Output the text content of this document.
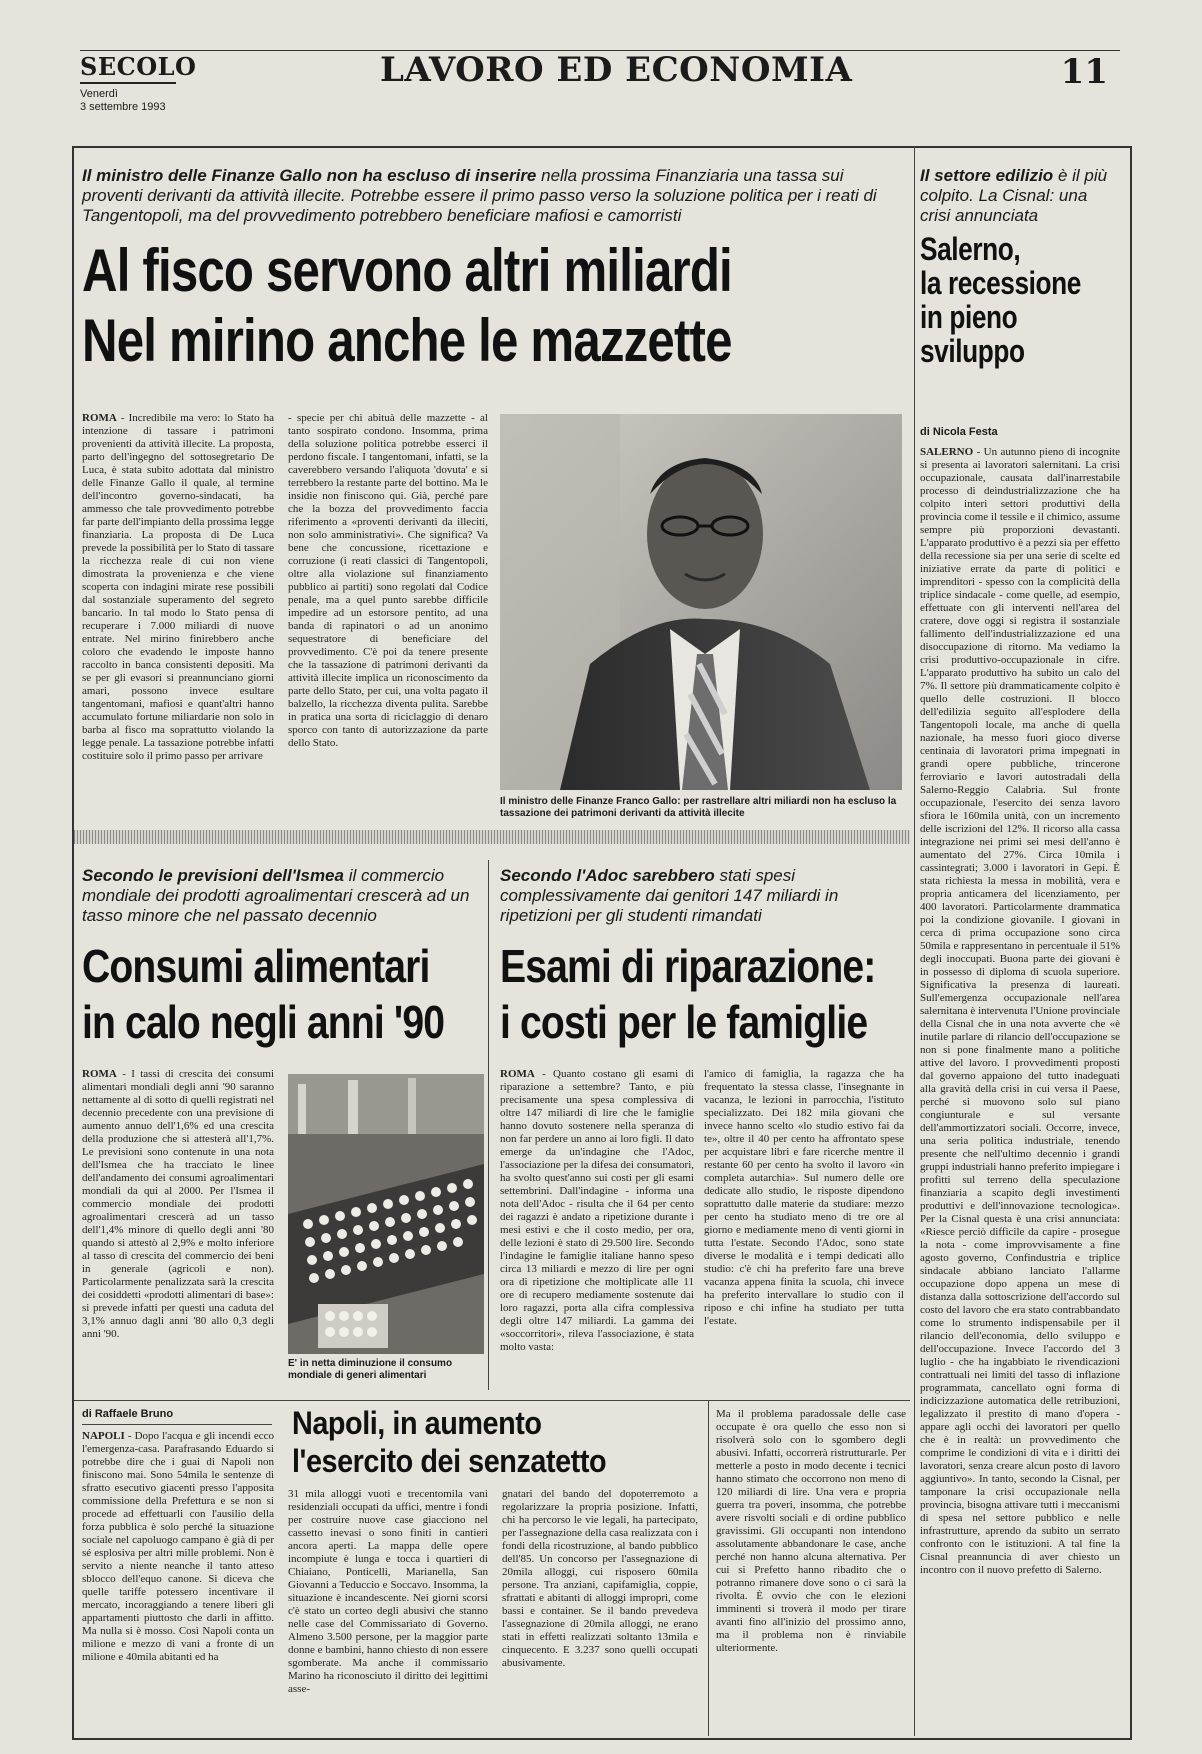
SECOLO
Venerdì
3 settembre 1993
LAVORO ED ECONOMIA	11
Il ministro delle Finanze Gallo non ha escluso di inserire nella prossima Finanziaria una tassa sui proventi derivanti da attività illecite. Potrebbe essere il primo passo verso la soluzione politica per i reati di Tangentopoli, ma del provvedimento potrebbero beneficiare mafiosi e camorristi
Al fisco servono altri miliardi
Nel mirino anche le mazzette
ROMA - Incredibile ma vero: lo Stato ha intenzione di tassare i patrimoni provenienti da attività illecite. La proposta, parto dell'ingegno del sottosegretario De Luca, è stata subito adottata dal ministro delle Finanze Gallo il quale, al termine dell'incontro governo-sindacati, ha ammesso che tale provvedimento potrebbe far parte dell'impianto della prossima legge finanziaria. La proposta di De Luca prevede la possibilità per lo Stato di tassare la ricchezza reale di cui non viene dimostrata la provenienza e che viene scoperta con indagini mirate rese possibili dal sostanziale superamento del segreto bancario. In tal modo lo Stato pensa di recuperare i 7.000 miliardi di nuove entrate. Nel mirino finirebbero anche coloro che evadendo le imposte hanno raccolto in banca consistenti depositi. Ma se per gli evasori si preannunciano giorni amari, possono invece esultare tangentomani, mafiosi e quant'altri hanno accumulato fortune miliardarie non solo in barba al fisco ma soprattutto violando la legge penale. La tassazione potrebbe infatti costituire solo il primo passo per arrivare
- specie per chi abituà delle mazzette - al tanto sospirato condono. Insomma, prima della soluzione politica potrebbe esserci il perdono fiscale. I tangentomani, infatti, se la caverebbero versando l'aliquota 'dovuta' e si terrebbero la restante parte del bottino. Ma le insidie non finiscono qui. Già, perché pare che la bozza del provvedimento faccia riferimento a «proventi derivanti da illeciti, non solo amministrativi». Che significa? Va bene che concussione, ricettazione e corruzione (i reati classici di Tangentopoli, oltre alla violazione sul finanziamento pubblico ai partiti) sono regolati dal Codice penale, ma a quel punto sarebbe difficile impedire ad un estorsore pentito, ad una banda di rapinatori o ad un anonimo sequestratore di beneficiare del provvedimento. C'è poi da tenere presente che la tassazione di patrimoni derivanti da attività illecite implica un riconoscimento da parte dello Stato, per cui, una volta pagato il balzello, la ricchezza diventa pulita. Sarebbe in pratica una sorta di riciclaggio di denaro sporco con tanto di autorizzazione da parte dello Stato.
Il ministro delle Finanze Franco Gallo: per rastrellare altri miliardi non ha escluso la tassazione dei patrimoni derivanti da attività illecite
Il settore edilizio è il più colpito. La Cisnal: una crisi annunciata
Salerno,
la recessione
in pieno
sviluppo
di Nicola Festa
SALERNO - Un autunno pieno di incognite si presenta ai lavoratori salernitani. La crisi occupazionale, causata dall'inarrestabile processo di deindustrializzazione che ha colpito interi settori produttivi della provincia come il tessile e il chimico, assume sempre più proporzioni devastanti. L'apparato produttivo è a pezzi sia per effetto della recessione sia per una serie di scelte ed iniziative errate da parte di politici e imprenditori - spesso con la complicità della triplice sindacale - come quelle, ad esempio, effettuate con gli interventi nell'area del cratere, dove oggi si registra il sostanziale fallimento dell'industrializzazione ed una disoccupazione di ritorno. Ma vediamo la crisi produttivo-occupazionale in cifre. L'apparato produttivo ha subito un calo del 7%. Il settore più drammaticamente colpito è quello delle costruzioni. Il blocco dell'edilizia seguito all'esplodere della Tangentopoli locale, ma anche di quella nazionale, ha messo fuori gioco diverse centinaia di lavoratori prima impegnati in grandi opere pubbliche, trincerone ferroviario e lavori autostradali della Salerno-Reggio Calabria. Sul fronte occupazionale, l'esercito dei senza lavoro sfiora le 160mila unità, con un incremento delle iscrizioni del 12%. Il ricorso alla cassa integrazione nei primi sei mesi dell'anno è aumentato del 27%. Circa 10mila i cassintegrati; 3.000 i lavoratori in Gepi. È stata richiesta la messa in mobilità, vera e propria anticamera del licenziamento, per 400 lavoratori. Particolarmente drammatica poi la condizione giovanile. I giovani in cerca di prima occupazione sono circa 50mila e rappresentano in percentuale il 51% degli inoccupati. Buona parte dei giovani è in possesso di diploma di scuola superiore. Significativa la presenza di laureati. Sull'emergenza occupazionale nell'area salernitana è intervenuta l'Unione provinciale della Cisnal che in una nota avverte che «è inutile parlare di rilancio dell'occupazione se non si pone finalmente mano a politiche attive del lavoro. I provvedimenti proposti dal governo appaiono del tutto inadeguati alla gravità della crisi in cui versa il Paese, perché si muovono solo sul piano congiunturale e sul versante dell'ammortizzatori sociali. Occorre, invece, una seria politica industriale, tenendo presente che nell'ultimo decennio i grandi gruppi industriali hanno preferito impiegare i profitti sul terreno della speculazione finanziaria a scapito degli investimenti produttivi e dell'innovazione tecnologica». Per la Cisnal questa è una crisi annunciata: «Riesce perciò difficile da capire - prosegue la nota - come improvvisamente a fine agosto governo, Confindustria e triplice sindacale abbiano lanciato l'allarme occupazione dopo appena un mese di distanza dalla sottoscrizione dell'accordo sul costo del lavoro che era stato contrabbandato come lo strumento indispensabile per il rilancio dell'economia, dello sviluppo e dell'occupazione. Invece l'accordo del 3 luglio - che ha ingabbiato le rivendicazioni contrattuali nei limiti del tasso di inflazione programmata, cancellato ogni forma di indicizzazione automatica delle retribuzioni, legalizzato il prestito di mano d'opera - appare agli occhi dei lavoratori per quello che è in realtà: un provvedimento che comprime le condizioni di vita e i diritti dei lavoratori, senza creare alcun posto di lavoro aggiuntivo». In tanto, secondo la Cisnal, per tamponare la crisi occupazionale nella provincia, bisogna attivare tutti i meccanismi di spesa nel settore pubblico e nelle infrastrutture, aprendo da subito un serrato confronto con le istituzioni. A tal fine la Cisnal preannuncia di aver chiesto un incontro con il nuovo prefetto di Salerno.
Secondo le previsioni dell'Ismea il commercio mondiale dei prodotti agroalimentari crescerà ad un tasso minore che nel passato decennio
Consumi alimentari
in calo negli anni '90
ROMA - I tassi di crescita dei consumi alimentari mondiali degli anni '90 saranno nettamente al di sotto di quelli registrati nel decennio precedente con una previsione di aumento annuo dell'1,6% ed una crescita della produzione che si attesterà all'1,7%. Le previsioni sono contenute in una nota dell'Ismea che ha tracciato le linee dell'andamento dei consumi agroalimentari mondiali da qui al 2000. Per l'Ismea il commercio mondiale dei prodotti agroalimentari crescerà ad un tasso dell'1,4% minore di quello degli anni '80 quando si attestò al 2,9% e molto inferiore al tasso di crescita del commercio dei beni in generale (agricoli e non). Particolarmente penalizzata sarà la crescita dei cosiddetti «prodotti alimentari di base»: si prevede infatti per questi una caduta del 3,1% annuo dagli anni '80 allo 0,3 degli anni '90.
E' in netta diminuzione il consumo mondiale di generi alimentari
Secondo l'Adoc sarebbero stati spesi complessivamente dai genitori 147 miliardi in ripetizioni per gli studenti rimandati
Esami di riparazione:
i costi per le famiglie
ROMA - Quanto costano gli esami di riparazione a settembre? Tanto, e più precisamente una spesa complessiva di oltre 147 miliardi di lire che le famiglie hanno dovuto sostenere nella speranza di non far perdere un anno ai loro figli. Il dato emerge da un'indagine che l'Adoc, l'associazione per la difesa dei consumatori, ha svolto quest'anno sui costi per gli esami settembrini. Dall'indagine - informa una nota dell'Adoc - risulta che il 64 per cento dei ragazzi è andato a ripetizione durante i mesi estivi e che il costo medio, per ora, delle lezioni è stato di 29.500 lire. Secondo l'indagine le famiglie italiane hanno speso circa 13 miliardi e mezzo di lire per ogni ora di ripetizione che moltiplicate alle 11 ore di recupero mediamente sostenute dai loro ragazzi, porta alla cifra complessiva degli oltre 147 miliardi. La gamma dei «soccorritori», rileva l'associazione, è stata molto vasta:
l'amico di famiglia, la ragazza che ha frequentato la stessa classe, l'insegnante in vacanza, le lezioni in parrocchia, l'istituto specializzato. Dei 182 mila giovani che invece hanno scelto «lo studio estivo fai da te», oltre il 40 per cento ha affrontato spese per acquistare libri e fare ricerche mentre il restante 60 per cento ha svolto il lavoro «in completa autarchia». Sul numero delle ore dedicate allo studio, le risposte dipendono soprattutto dalle materie da studiare: mezzo per cento ha studiato meno di tre ore al giorno e mediamente meno di venti giorni in tutta l'estate. Secondo l'Adoc, sono state diverse le modalità e i tempi dedicati allo studio: c'è chi ha preferito fare una breve vacanza appena finita la scuola, chi invece ha preferito intervallare lo studio con il riposo e chi infine ha studiato per tutta l'estate.
di Raffaele Bruno	Napoli, in aumento
l'esercito dei senzatetto
NAPOLI - Dopo l'acqua e gli incendi ecco l'emergenza-casa. Parafrasando Eduardo si potrebbe dire che i guai di Napoli non finiscono mai. Sono 54mila le sentenze di sfratto esecutivo giacenti presso l'apposita commissione della Prefettura e se non si procede ad effettuarli con l'ausilio della forza pubblica è solo perché la situazione sociale nel capoluogo campano è già di per sé esplosiva per altri mille problemi. Non è servito a niente neanche il tanto atteso sblocco dell'equo canone. Si diceva che quelle tariffe potessero incentivare il mercato, incoraggiando a tenere liberi gli appartamenti piuttosto che darli in affitto. Ma nulla si è mosso. Così Napoli conta un milione e mezzo di vani a fronte di un milione e 40mila abitanti ed ha
31 mila alloggi vuoti e trecentomila vani residenziali occupati da uffici, mentre i fondi per costruire nuove case giacciono nel cassetto inevasi o sono finiti in cantieri ancora aperti. La mappa delle opere incompiute è lunga e tocca i quartieri di Chiaiano, Ponticelli, Marianella, San Giovanni a Teduccio e Soccavo. Insomma, la situazione è incandescente. Nei giorni scorsi c'è stato un corteo degli abusivi che stanno nelle case del Commissariato di Governo. Almeno 3.500 persone, per la maggior parte donne e bambini, hanno chiesto di non essere sgomberate. Ma anche il commissario Marino ha riconosciuto il diritto dei legittimi asse-
gnatari del bando del dopoterremoto a regolarizzare la propria posizione. Infatti, chi ha percorso le vie legali, ha partecipato, per l'assegnazione della casa realizzata con i fondi della ricostruzione, al bando pubblico dell'85. Un concorso per l'assegnazione di 20mila alloggi, cui risposero 60mila persone. Tra anziani, capifamiglia, coppie, sfrattati e abitanti di alloggi impropri, come bassi e container. Se il bando prevedeva l'assegnazione di 20mila alloggi, ne erano stati in effetti realizzati soltanto 13mila e cinquecento. E 3.237 sono quelli occupati abusivamente.
Ma il problema paradossale delle case occupate è ora quello che esso non si risolverà solo con lo sgombero degli abusivi. Infatti, occorrerà ristrutturarle. Per metterle a posto in modo decente i tecnici hanno stimato che occorrono non meno di 120 miliardi di lire. Una vera e propria guerra tra poveri, insomma, che potrebbe avere risvolti sociali e di ordine pubblico gravissimi. Gli occupanti non intendono assolutamente abbandonare le case, anche perché non hanno alcuna alternativa. Per cui si Prefetto hanno ribadito che o potranno rimanere dove sono o ci sarà la rivolta. È ovvio che con le elezioni imminenti si troverà il modo per tirare avanti fino all'inizio del prossimo anno, ma il problema non è rinviabile ulteriormente.
